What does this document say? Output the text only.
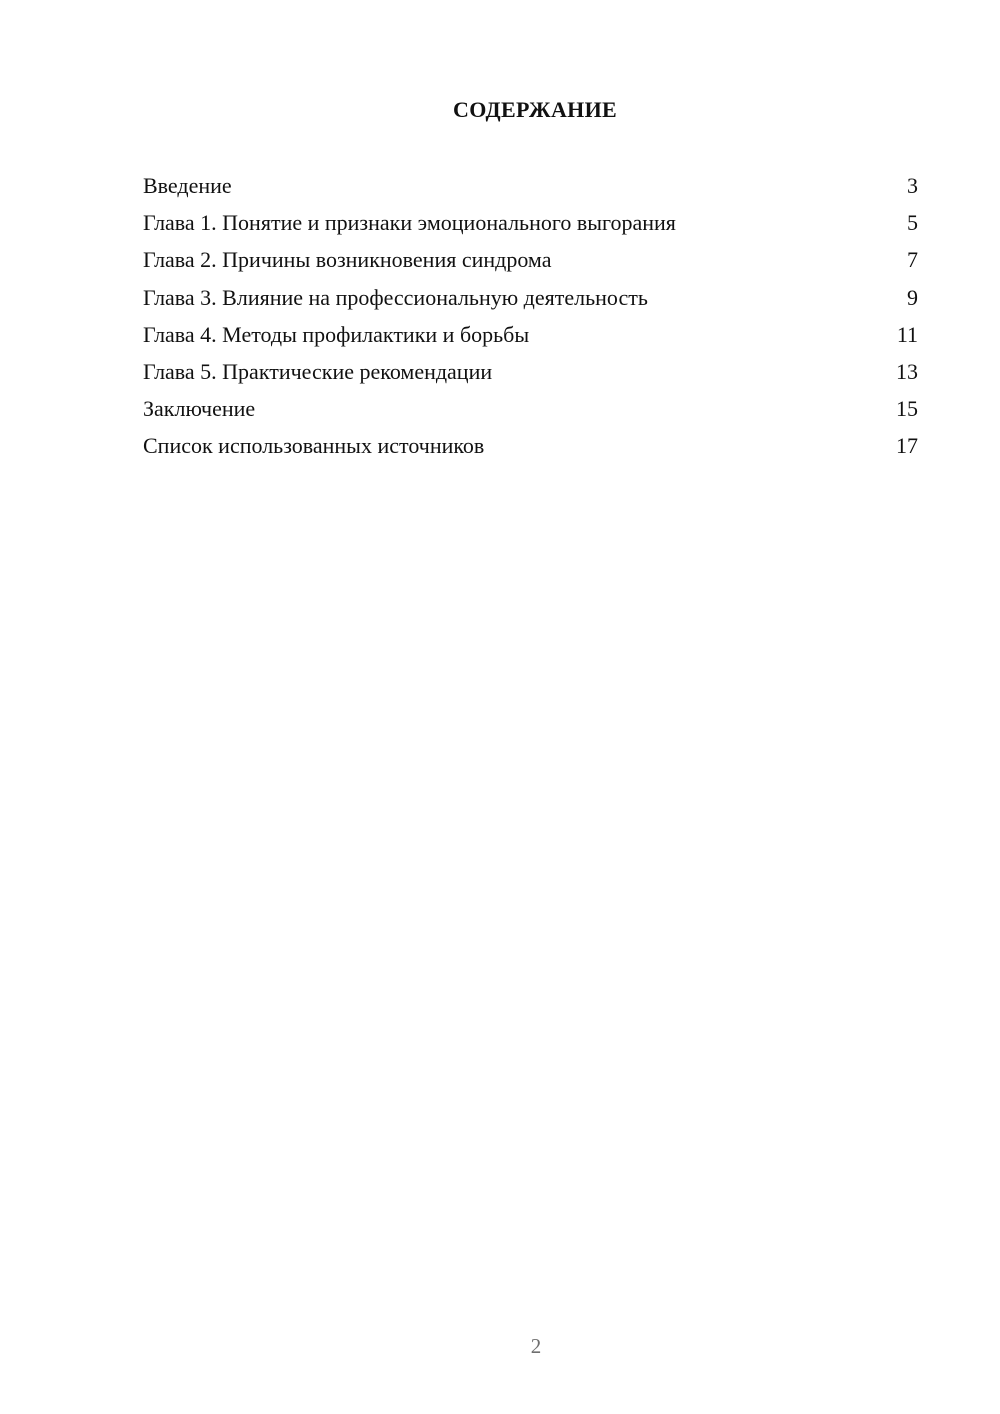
СОДЕРЖАНИЕ
Введение	3
Глава 1. Понятие и признаки эмоционального выгорания	5
Глава 2. Причины возникновения синдрома	7
Глава 3. Влияние на профессиональную деятельность	9
Глава 4. Методы профилактики и борьбы	11
Глава 5. Практические рекомендации	13
Заключение	15
Список использованных источников	17
2
